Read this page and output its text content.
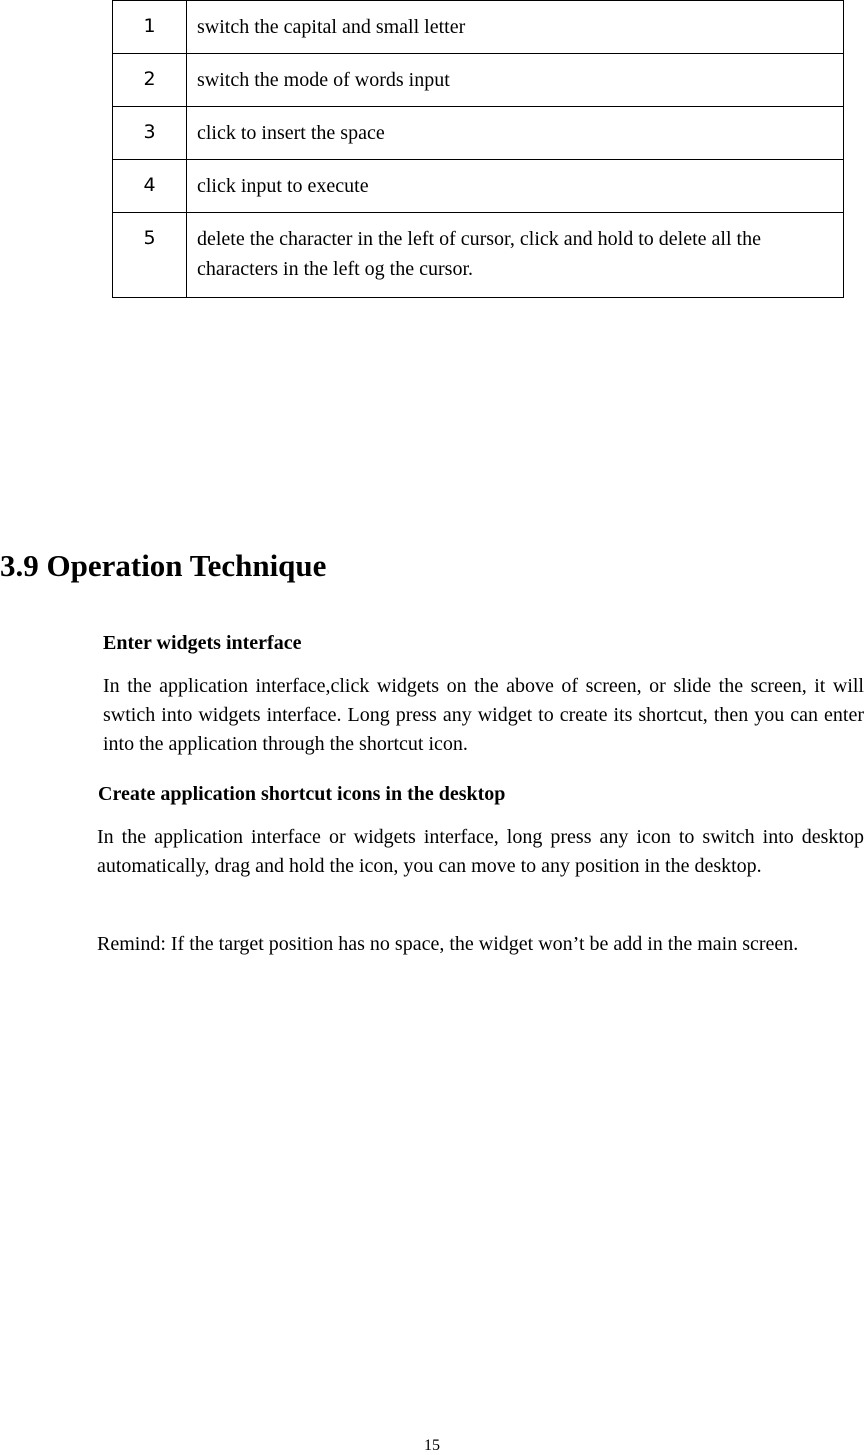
1	switch the capital and small letter
2	switch the mode of words input
3	click to insert the space
4	click input to execute
5	delete the character in the left of cursor, click and hold to delete all the characters in the left og the cursor.
3.9 Operation Technique
Enter widgets interface

In the application interface,click widgets on the above of screen, or slide the screen, it will swtich into widgets interface. Long press any widget to create its shortcut, then you can enter into the application through the shortcut icon.

Create application shortcut icons in the desktop

In the application interface or widgets interface, long press any icon to switch into desktop automatically, drag and hold the icon, you can move to any position in the desktop.

Remind: If the target position has no space, the widget won’t be add in the main screen.

15
